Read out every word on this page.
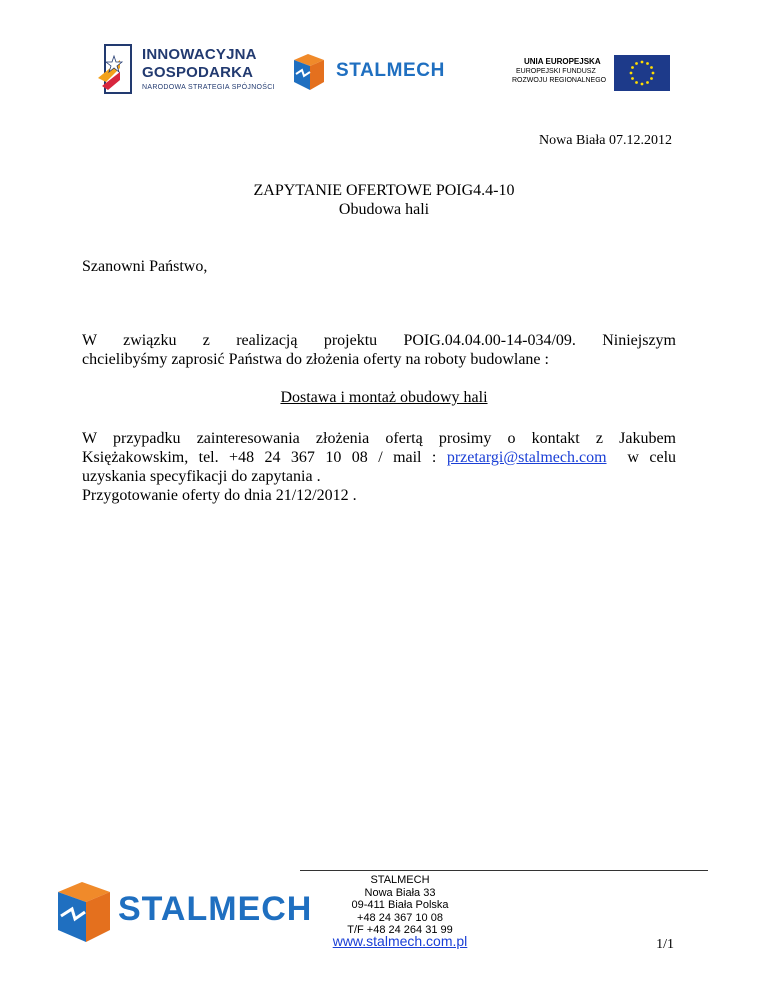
INNOWACYJNA
GOSPODARKA
NARODOWA STRATEGIA SPÓJNOŚCI
STALMECH	UNIA EUROPEJSKA
EUROPEJSKI FUNDUSZ
ROZWOJU REGIONALNEGO
Nowa Biała 07.12.2012
ZAPYTANIE OFERTOWE POIG4.4-10
Obudowa hali
Szanowni Państwo,
W związku z realizacją projektu POIG.04.04.00-14-034/09. Niniejszym
chcielibyśmy zaprosić Państwa do złożenia oferty na roboty budowlane :
Dostawa i montaż obudowy hali
W przypadku zainteresowania złożenia ofertą prosimy o kontakt z Jakubem
Księżakowskim, tel. +48 24 367 10 08 / mail : przetargi@stalmech.com  w celu
uzyskania specyfikacji do zapytania .
Przygotowanie oferty do dnia 21/12/2012 .
STALMECH
STALMECH
Nowa Biała 33
09-411 Biała Polska
+48 24 367 10 08
T/F +48 24 264 31 99
www.stalmech.com.pl	1/1
